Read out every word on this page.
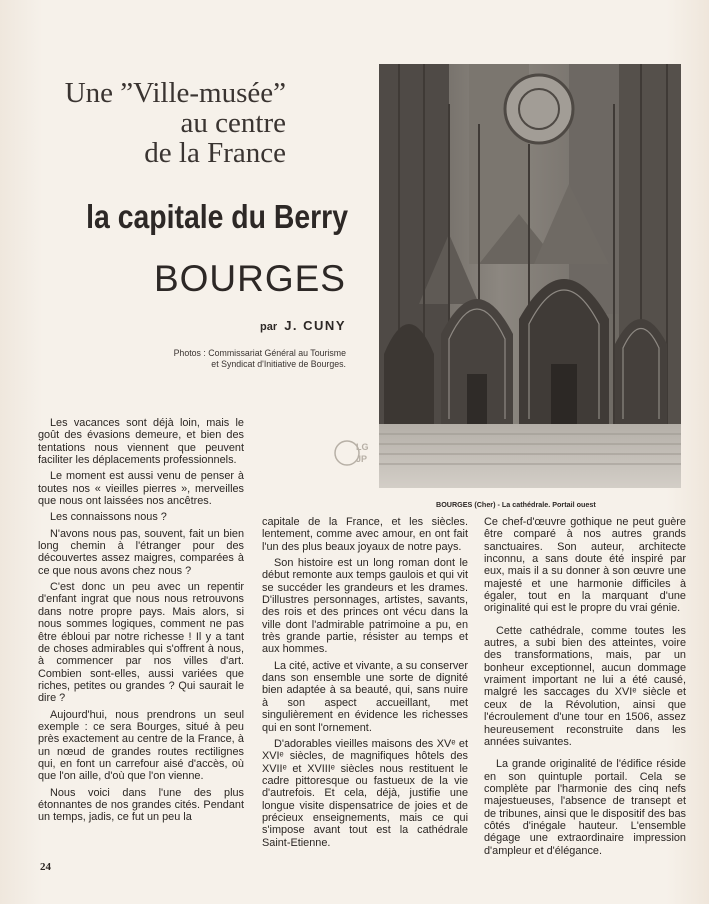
Une ”Ville-musée”
au centre
de la France
la capitale du Berry
BOURGES
par J. CUNY
Photos : Commissariat Général au Tourisme
et Syndicat d'Initiative de Bourges.
LG
JP
BOURGES (Cher) - La cathédrale. Portail ouest

Les vacances sont déjà loin, mais le goût des évasions demeure, et bien des tentations nous viennent que peuvent faciliter les déplacements professionnels.

Le moment est aussi venu de penser à toutes nos « vieilles pierres », merveilles que nous ont laissées nos ancêtres.

Les connaissons nous ?

N'avons nous pas, souvent, fait un bien long chemin à l'étranger pour des découvertes assez maigres, comparées à ce que nous avons chez nous ?

C'est donc un peu avec un repentir d'enfant ingrat que nous nous retrouvons dans notre propre pays. Mais alors, si nous sommes logiques, comment ne pas être ébloui par notre richesse ! Il y a tant de choses admirables qui s'offrent à nous, à commencer par nos villes d'art. Combien sont-elles, aussi variées que riches, petites ou grandes ? Qui saurait le dire ?

Aujourd'hui, nous prendrons un seul exemple : ce sera Bourges, situé à peu près exactement au centre de la France, à un nœud de grandes routes rectilignes qui, en font un carrefour aisé d'accès, où que l'on aille, d'où que l'on vienne.

Nous voici dans l'une des plus étonnantes de nos grandes cités. Pendant un temps, jadis, ce fut un peu la

capitale de la France, et les siècles. lentement, comme avec amour, en ont fait l'un des plus beaux joyaux de notre pays.

Son histoire est un long roman dont le début remonte aux temps gaulois et qui vit se succéder les grandeurs et les drames. D'illustres personnages, artistes, savants, des rois et des princes ont vécu dans la ville dont l'admirable patrimoine a pu, en très grande partie, résister au temps et aux hommes.

La cité, active et vivante, a su conserver dans son ensemble une sorte de dignité bien adaptée à sa beauté, qui, sans nuire à son aspect accueillant, met singulièrement en évidence les richesses qui en sont l'ornement.

D'adorables vieilles maisons des XVᵉ et XVIᵉ siècles, de magnifiques hôtels des XVIIᵉ et XVIIIᵉ siècles nous restituent le cadre pittoresque ou fastueux de la vie d'autrefois. Et cela, déjà, justifie une longue visite dispensatrice de joies et de précieux enseignements, mais ce qui s'impose avant tout est la cathédrale Saint-Etienne.

Ce chef-d'œuvre gothique ne peut guère être comparé à nos autres grands sanctuaires. Son auteur, architecte inconnu, a sans doute été inspiré par eux, mais il a su donner à son œuvre une majesté et une harmonie difficiles à égaler, tout en la marquant d'une originalité qui est le propre du vrai génie.

Cette cathédrale, comme toutes les autres, a subi bien des atteintes, voire des transformations, mais, par un bonheur exceptionnel, aucun dommage vraiment important ne lui a été causé, malgré les saccages du XVIᵉ siècle et ceux de la Révolution, ainsi que l'écroulement d'une tour en 1506, assez heureusement reconstruite dans les années suivantes.

La grande originalité de l'édifice réside en son quintuple portail. Cela se complète par l'harmonie des cinq nefs majestueuses, l'absence de transept et de tribunes, ainsi que le dispositif des bas côtés d'inégale hauteur. L'ensemble dégage une extraordinaire impression d'ampleur et d'élégance.

24
